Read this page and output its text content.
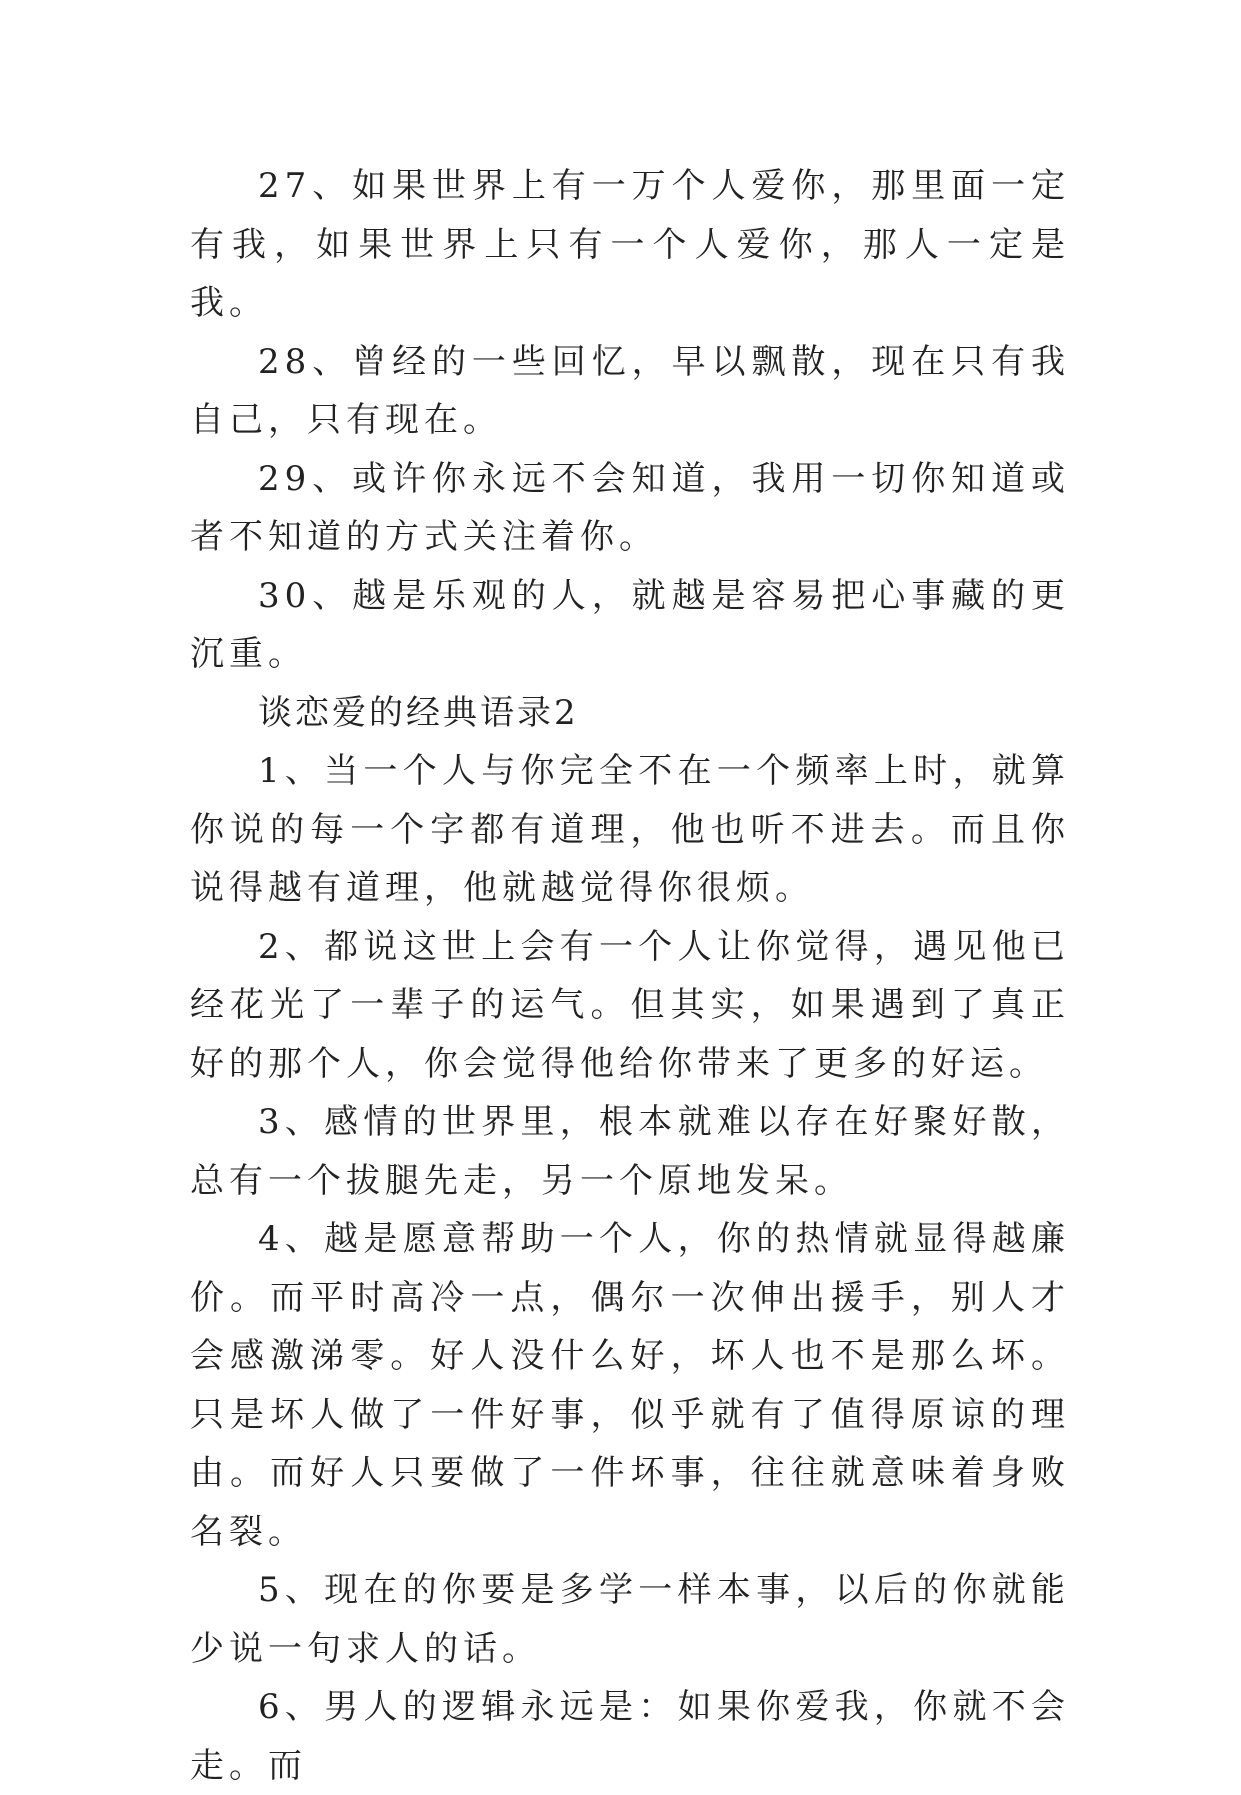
27、如果世界上有一万个人爱你，那里面一定有我，如果世界上只有一个人爱你，那人一定是我。

28、曾经的一些回忆，早以飘散，现在只有我自己，只有现在。

29、或许你永远不会知道，我用一切你知道或者不知道的方式关注着你。

30、越是乐观的人，就越是容易把心事藏的更沉重。

谈恋爱的经典语录2

1、当一个人与你完全不在一个频率上时，就算你说的每一个字都有道理，他也听不进去。而且你说得越有道理，他就越觉得你很烦。

2、都说这世上会有一个人让你觉得，遇见他已经花光了一辈子的运气。但其实，如果遇到了真正好的那个人，你会觉得他给你带来了更多的好运。

3、感情的世界里，根本就难以存在好聚好散，总有一个拔腿先走，另一个原地发呆。

4、越是愿意帮助一个人，你的热情就显得越廉价。而平时高冷一点，偶尔一次伸出援手，别人才会感激涕零。好人没什么好，坏人也不是那么坏。只是坏人做了一件好事，似乎就有了值得原谅的理由。而好人只要做了一件坏事，往往就意味着身败名裂。

5、现在的你要是多学一样本事，以后的你就能少说一句求人的话。

6、男人的逻辑永远是：如果你爱我，你就不会走。而
